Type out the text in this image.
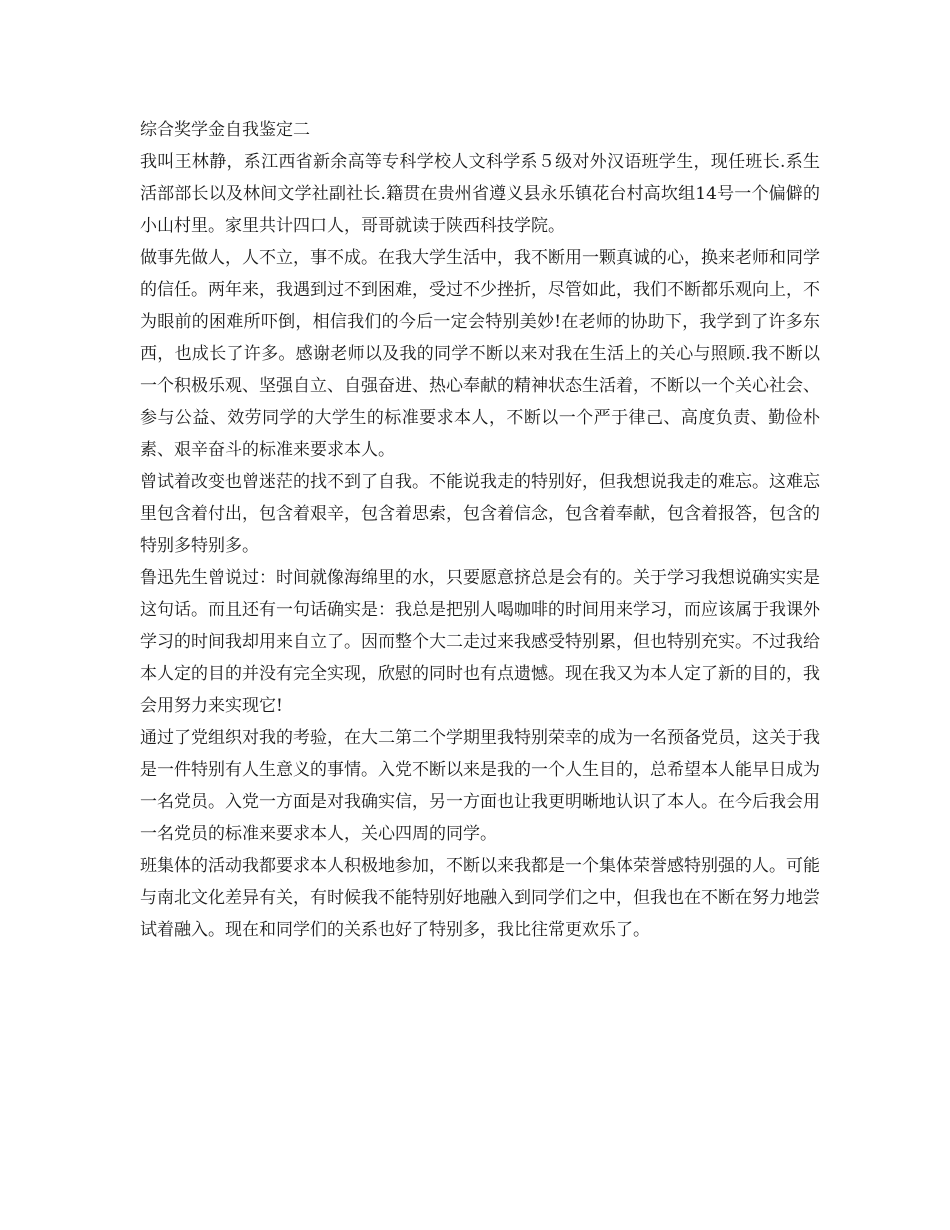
综合奖学金自我鉴定二

我叫王林静，系江西省新余高等专科学校人文科学系５级对外汉语班学生，现任班长.系生活部部长以及林间文学社副社长.籍贯在贵州省遵义县永乐镇花台村高坎组14号一个偏僻的小山村里。家里共计四口人，哥哥就读于陕西科技学院。

做事先做人，人不立，事不成。在我大学生活中，我不断用一颗真诚的心，换来老师和同学的信任。两年来，我遇到过不到困难，受过不少挫折，尽管如此，我们不断都乐观向上，不为眼前的困难所吓倒，相信我们的今后一定会特别美妙!在老师的协助下，我学到了许多东西，也成长了许多。感谢老师以及我的同学不断以来对我在生活上的关心与照顾.我不断以一个积极乐观、坚强自立、自强奋进、热心奉献的精神状态生活着，不断以一个关心社会、参与公益、效劳同学的大学生的标准要求本人，不断以一个严于律己、高度负责、勤俭朴素、艰辛奋斗的标准来要求本人。

曾试着改变也曾迷茫的找不到了自我。不能说我走的特别好，但我想说我走的难忘。这难忘里包含着付出，包含着艰辛，包含着思索，包含着信念，包含着奉献，包含着报答，包含的特别多特别多。

鲁迅先生曾说过：时间就像海绵里的水，只要愿意挤总是会有的。关于学习我想说确实实是这句话。而且还有一句话确实是：我总是把别人喝咖啡的时间用来学习，而应该属于我课外学习的时间我却用来自立了。因而整个大二走过来我感受特别累，但也特别充实。不过我给本人定的目的并没有完全实现，欣慰的同时也有点遗憾。现在我又为本人定了新的目的，我会用努力来实现它!

通过了党组织对我的考验，在大二第二个学期里我特别荣幸的成为一名预备党员，这关于我是一件特别有人生意义的事情。入党不断以来是我的一个人生目的，总希望本人能早日成为一名党员。入党一方面是对我确实信，另一方面也让我更明晰地认识了本人。在今后我会用一名党员的标准来要求本人，关心四周的同学。

班集体的活动我都要求本人积极地参加，不断以来我都是一个集体荣誉感特别强的人。可能与南北文化差异有关，有时候我不能特别好地融入到同学们之中，但我也在不断在努力地尝试着融入。现在和同学们的关系也好了特别多，我比往常更欢乐了。
